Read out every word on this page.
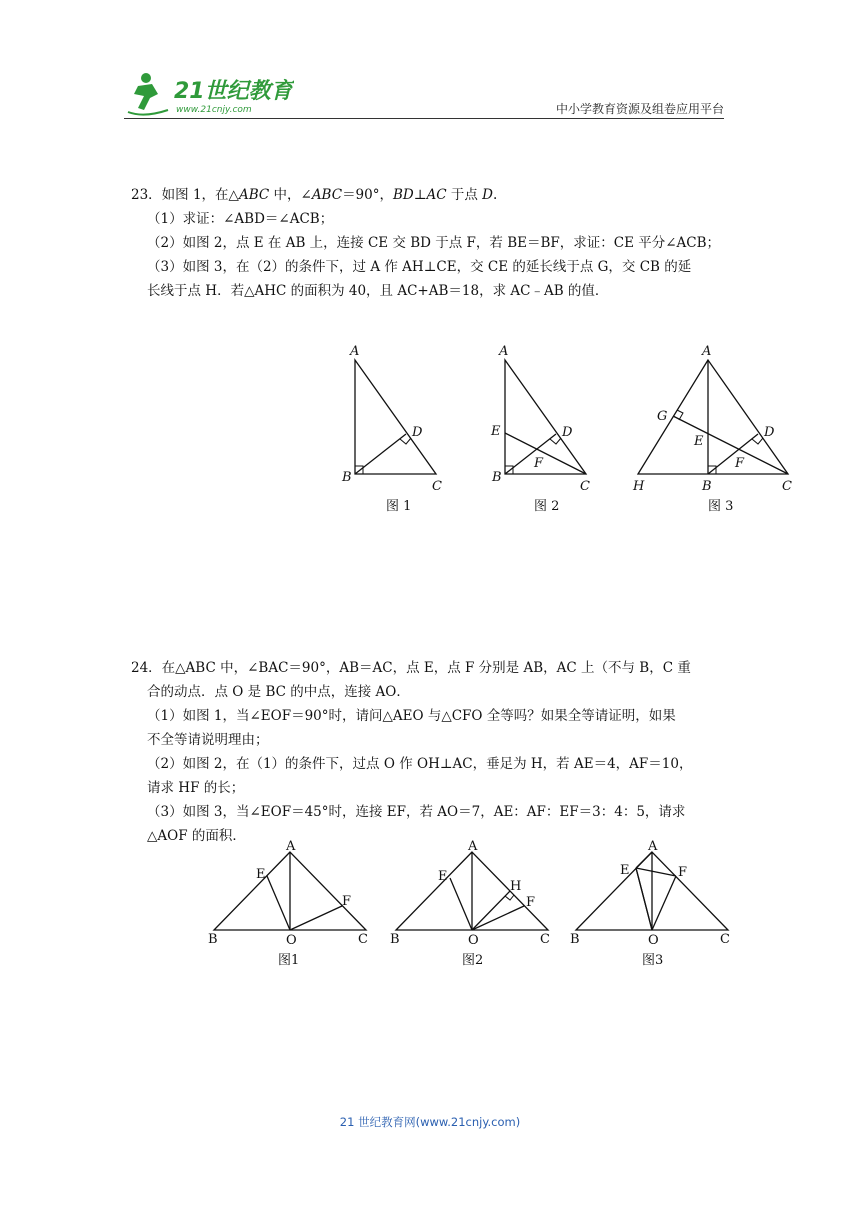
21世纪教育
www.21cnjy.com	中小学教育资源及组卷应用平台

23．如图 1，在△ABC 中，∠ABC＝90°，BD⊥AC 于点 D.

（1）求证：∠ABD＝∠ACB；

（2）如图 2，点 E 在 AB 上，连接 CE 交 BD 于点 F，若 BE＝BF，求证：CE 平分∠ACB；

（3）如图 3，在（2）的条件下，过 A 作 AH⊥CE，交 CE 的延长线于点 G，交 CB 的延

长线于点 H．若△AHC 的面积为 40，且 AC+AB＝18，求 AC﹣AB 的值．

A
B
C
D
图 1
A
B
C
D
E
F
图 2
A
B	C
D
E
F
G
H
图 3

24．在△ABC 中，∠BAC＝90°，AB＝AC，点 E，点 F 分别是 AB，AC 上（不与 B，C 重

合的动点．点 O 是 BC 的中点，连接 AO．

（1）如图 1，当∠EOF＝90°时，请问△AEO 与△CFO 全等吗？如果全等请证明，如果

不全等请说明理由；

（2）如图 2，在（1）的条件下，过点 O 作 OH⊥AC，垂足为 H，若 AE＝4，AF＝10，

请求 HF 的长；

（3）如图 3，当∠EOF＝45°时，连接 EF，若 AO＝7，AE：AF：EF＝3：4：5，请求

△AOF 的面积．

A
B	O	C
E
F
图1
A
B	O	C
E
H
F
图2
A
B	O	C
E	F
图3
21 世纪教育网(www.21cnjy.com)
